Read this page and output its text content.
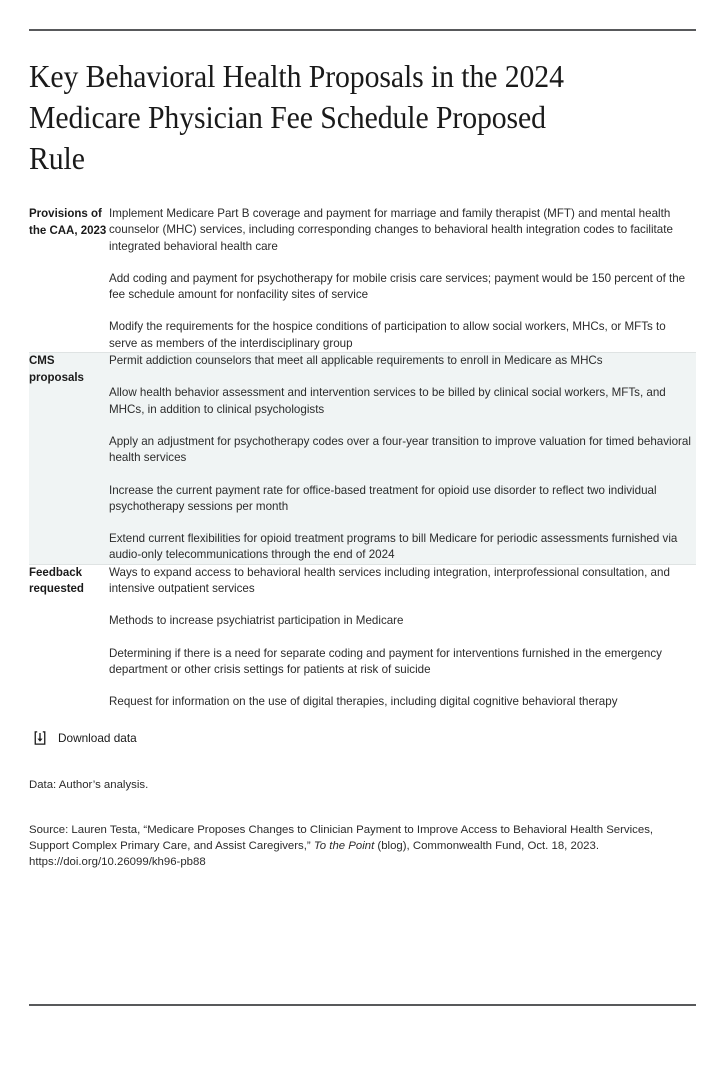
Key Behavioral Health Proposals in the 2024 Medicare Physician Fee Schedule Proposed Rule
Provisions of the CAA, 2023	Implement Medicare Part B coverage and payment for marriage and family therapist (MFT) and mental health counselor (MHC) services, including corresponding changes to behavioral health integration codes to facilitate integrated behavioral health care

Add coding and payment for psychotherapy for mobile crisis care services; payment would be 150 percent of the fee schedule amount for nonfacility sites of service

Modify the requirements for the hospice conditions of participation to allow social workers, MHCs, or MFTs to serve as members of the interdisciplinary group

CMS proposals	Permit addiction counselors that meet all applicable requirements to enroll in Medicare as MHCs

Allow health behavior assessment and intervention services to be billed by clinical social workers, MFTs, and MHCs, in addition to clinical psychologists

Apply an adjustment for psychotherapy codes over a four-year transition to improve valuation for timed behavioral health services

Increase the current payment rate for office-based treatment for opioid use disorder to reflect two individual psychotherapy sessions per month

Extend current flexibilities for opioid treatment programs to bill Medicare for periodic assessments furnished via audio-only telecommunications through the end of 2024

Feedback requested	Ways to expand access to behavioral health services including integration, interprofessional consultation, and intensive outpatient services

Methods to increase psychiatrist participation in Medicare

Determining if there is a need for separate coding and payment for interventions furnished in the emergency department or other crisis settings for patients at risk of suicide

Request for information on the use of digital therapies, including digital cognitive behavioral therapy

Download data

Data: Author’s analysis.

Source: Lauren Testa, “Medicare Proposes Changes to Clinician Payment to Improve Access to Behavioral Health Services, Support Complex Primary Care, and Assist Caregivers,” To the Point (blog), Commonwealth Fund, Oct. 18, 2023. https://doi.org/10.26099/kh96-pb88
